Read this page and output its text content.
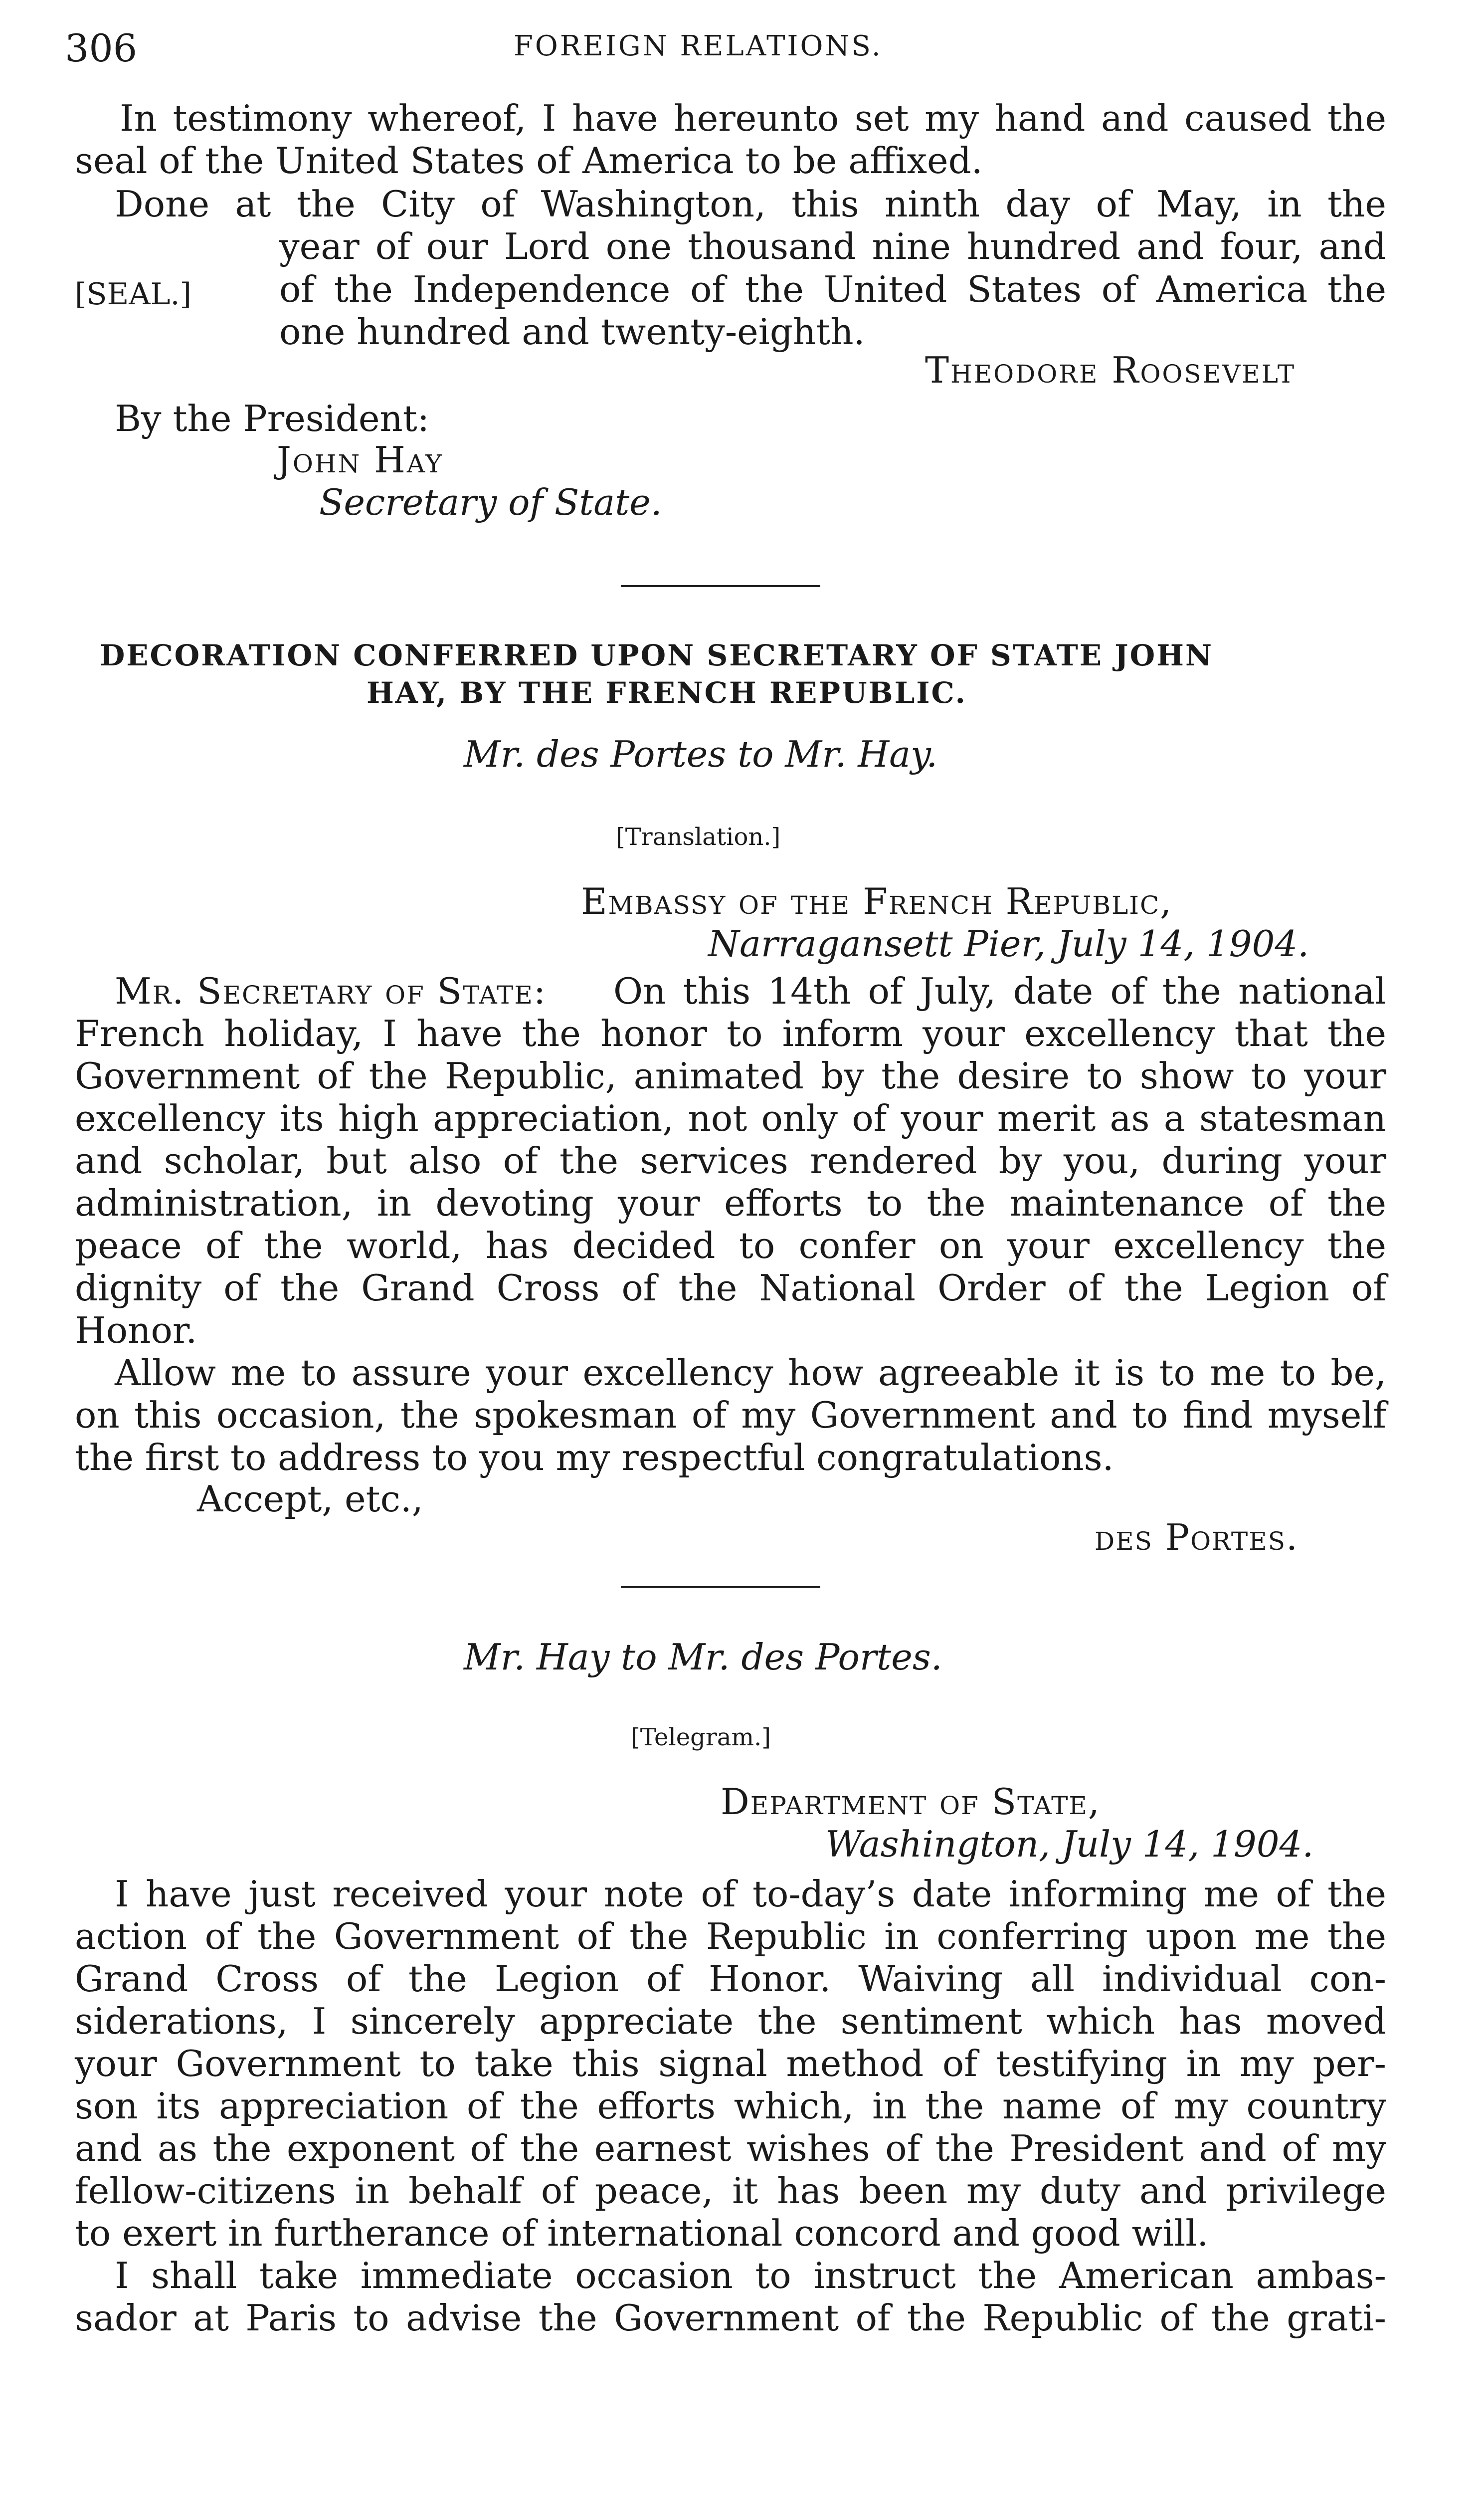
306	FOREIGN RELATIONS.
In testimony whereof, I have hereunto set my hand and caused the
seal of the United States of America to be affixed.
Done at the City of Washington, this ninth day of May, in the
year of our Lord one thousand nine hundred and four, and
[SEAL.] of the Independence of the United States of America the
one hundred and twenty-eighth.
Theodore Roosevelt
By the President:
John Hay
Secretary of State.
DECORATION CONFERRED UPON SECRETARY OF STATE JOHN
HAY, BY THE FRENCH REPUBLIC.
Mr. des Portes to Mr. Hay.
[Translation.]
Embassy of the French Republic,
Narragansett Pier, July 14, 1904.
Mr. Secretary of State: On this 14th of July, date of the national
French holiday, I have the honor to inform your excellency that the
Government of the Republic, animated by the desire to show to your
excellency its high appreciation, not only of your merit as a statesman
and scholar, but also of the services rendered by you, during your
administration, in devoting your efforts to the maintenance of the
peace of the world, has decided to confer on your excellency the
dignity of the Grand Cross of the National Order of the Legion of
Honor.
Allow me to assure your excellency how agreeable it is to me to be,
on this occasion, the spokesman of my Government and to find myself
the first to address to you my respectful congratulations.
Accept, etc.,
des Portes.
Mr. Hay to Mr. des Portes.
[Telegram.]
Department of State,
Washington, July 14, 1904.
I have just received your note of to-day’s date informing me of the
action of the Government of the Republic in conferring upon me the
Grand Cross of the Legion of Honor. Waiving all individual con-
siderations, I sincerely appreciate the sentiment which has moved
your Government to take this signal method of testifying in my per-
son its appreciation of the efforts which, in the name of my country
and as the exponent of the earnest wishes of the President and of my
fellow-citizens in behalf of peace, it has been my duty and privilege
to exert in furtherance of international concord and good will.
I shall take immediate occasion to instruct the American ambas-
sador at Paris to advise the Government of the Republic of the grati-
